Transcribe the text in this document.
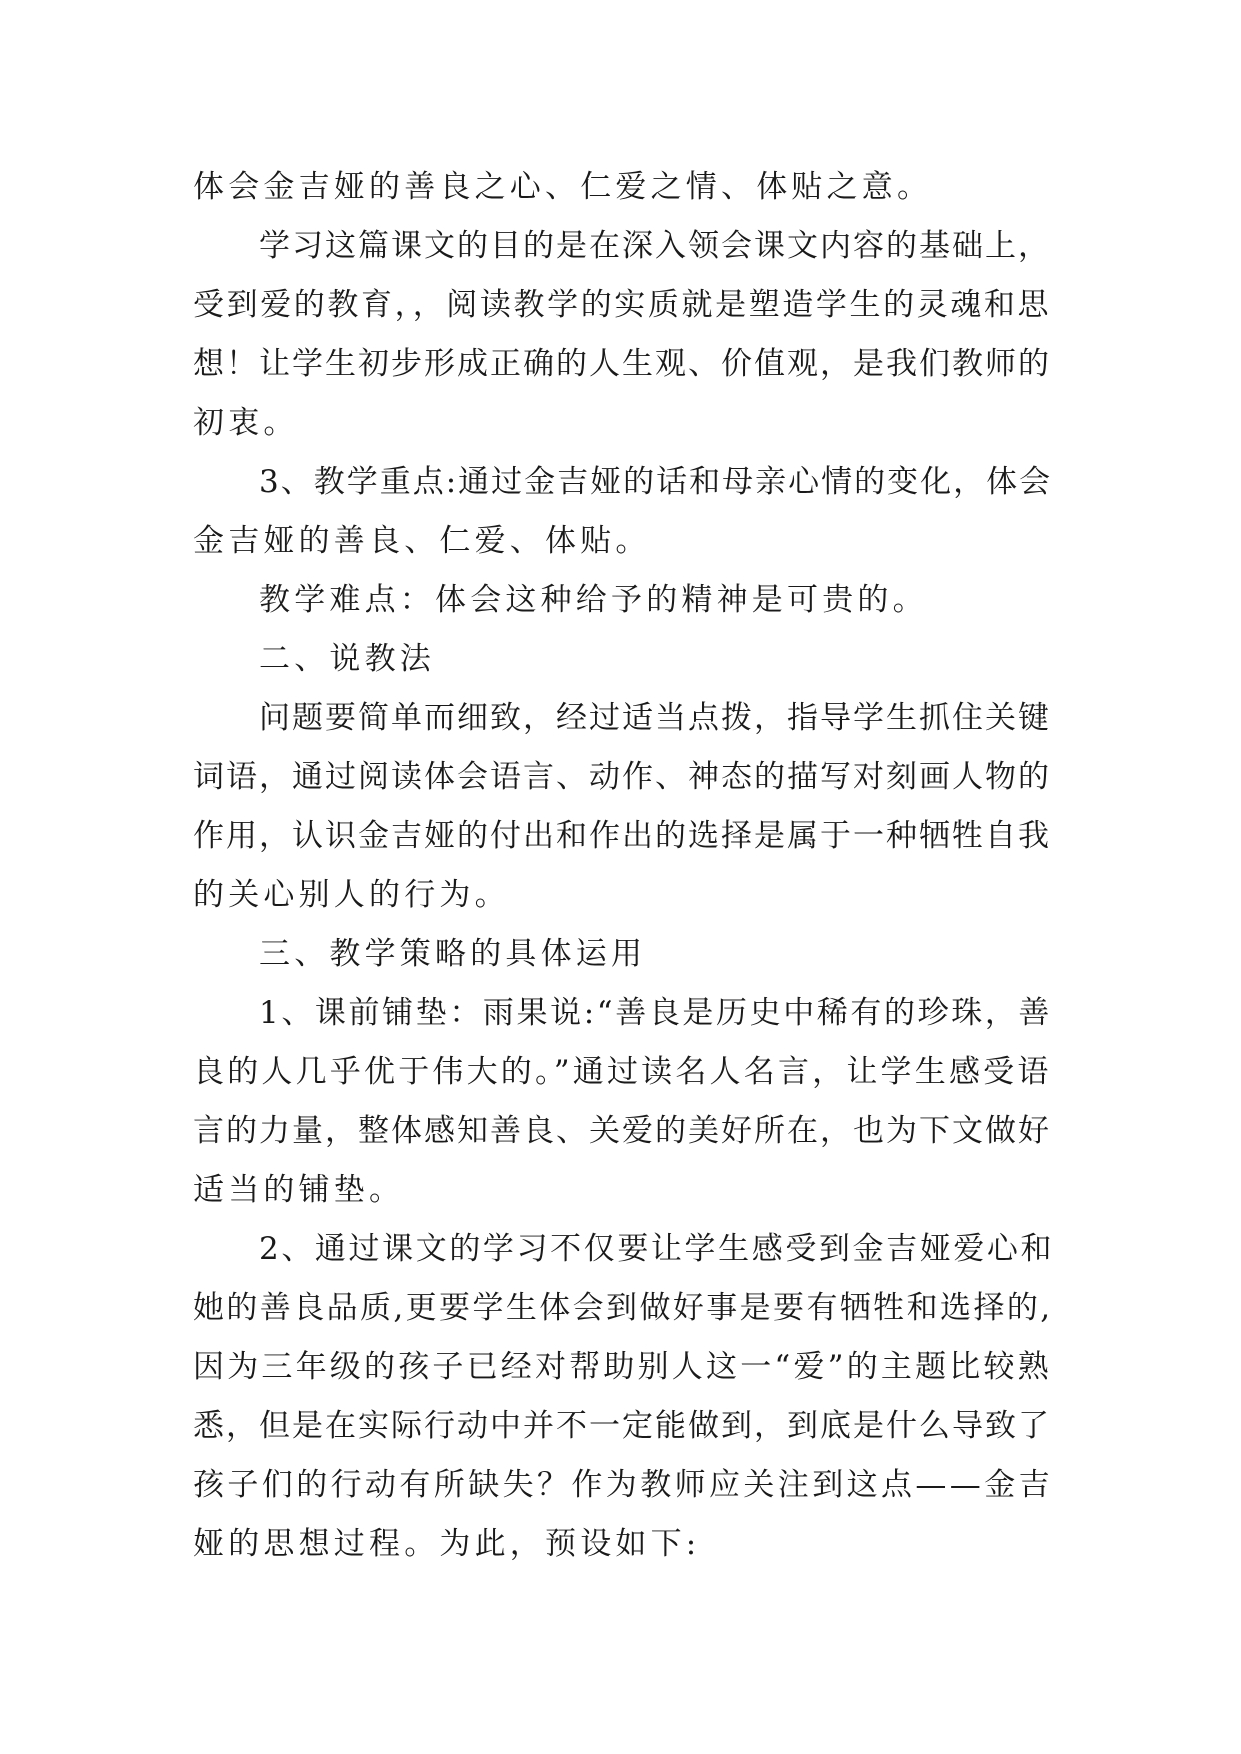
体会金吉娅的善良之心、仁爱之情、体贴之意。
学习这篇课文的目的是在深入领会课文内容的基础上，
受到爱的教育，，阅读教学的实质就是塑造学生的灵魂和思
想！让学生初步形成正确的人生观、价值观，是我们教师的
初衷。
3、教学重点:通过金吉娅的话和母亲心情的变化，体会
金吉娅的善良、仁爱、体贴。
教学难点：体会这种给予的精神是可贵的。
二、说教法
问题要简单而细致，经过适当点拨，指导学生抓住关键
词语，通过阅读体会语言、动作、神态的描写对刻画人物的
作用，认识金吉娅的付出和作出的选择是属于一种牺牲自我
的关心别人的行为。
三、教学策略的具体运用
1、课前铺垫：雨果说:“善良是历史中稀有的珍珠，善
良的人几乎优于伟大的。”通过读名人名言，让学生感受语
言的力量，整体感知善良、关爱的美好所在，也为下文做好
适当的铺垫。
2、通过课文的学习不仅要让学生感受到金吉娅爱心和
她的善良品质,更要学生体会到做好事是要有牺牲和选择的,
因为三年级的孩子已经对帮助别人这一“爱”的主题比较熟
悉，但是在实际行动中并不一定能做到，到底是什么导致了
孩子们的行动有所缺失？作为教师应关注到这点——金吉
娅的思想过程。为此，预设如下:
